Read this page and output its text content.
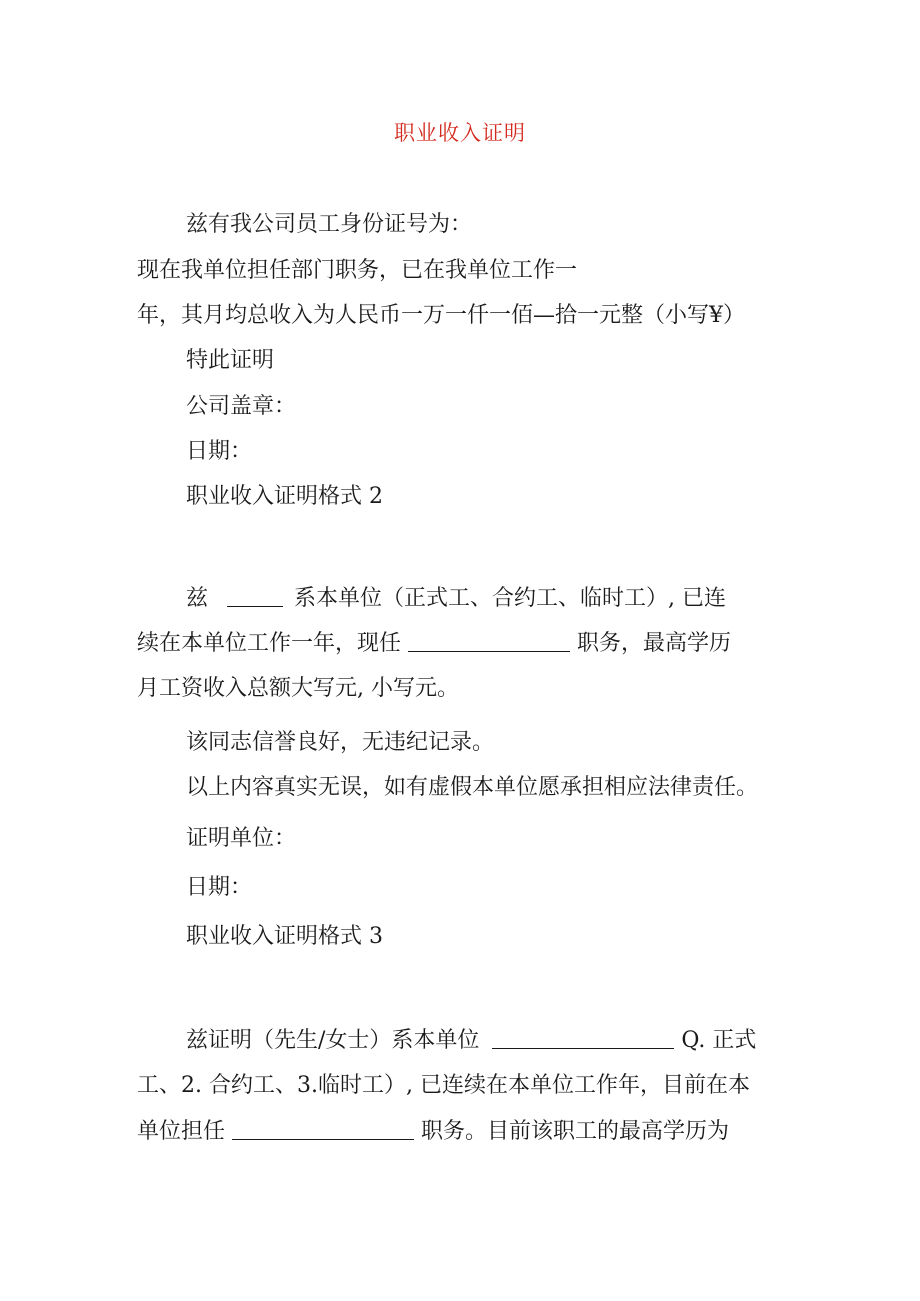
职业收入证明
兹有我公司员工身份证号为：
现在我单位担任部门职务，已在我单位工作一
年，其月均总收入为人民币一万一仟一佰—拾一元整（小写¥）
特此证明
公司盖章：
日期：
职业收入证明格式 2
兹	系本单位（正式工、合约工、临时工）, 已连
续在本单位工作一年，现任	职务，最高学历
月工资收入总额大写元, 小写元。
该同志信誉良好，无违纪记录。
以上内容真实无误，如有虚假本单位愿承担相应法律责任。
证明单位：
日期：
职业收入证明格式 3
兹证明（先生/女士）系本单位	Q. 正式
工、2. 合约工、3.临时工）, 已连续在本单位工作年，目前在本
单位担任	职务。目前该职工的最高学历为
